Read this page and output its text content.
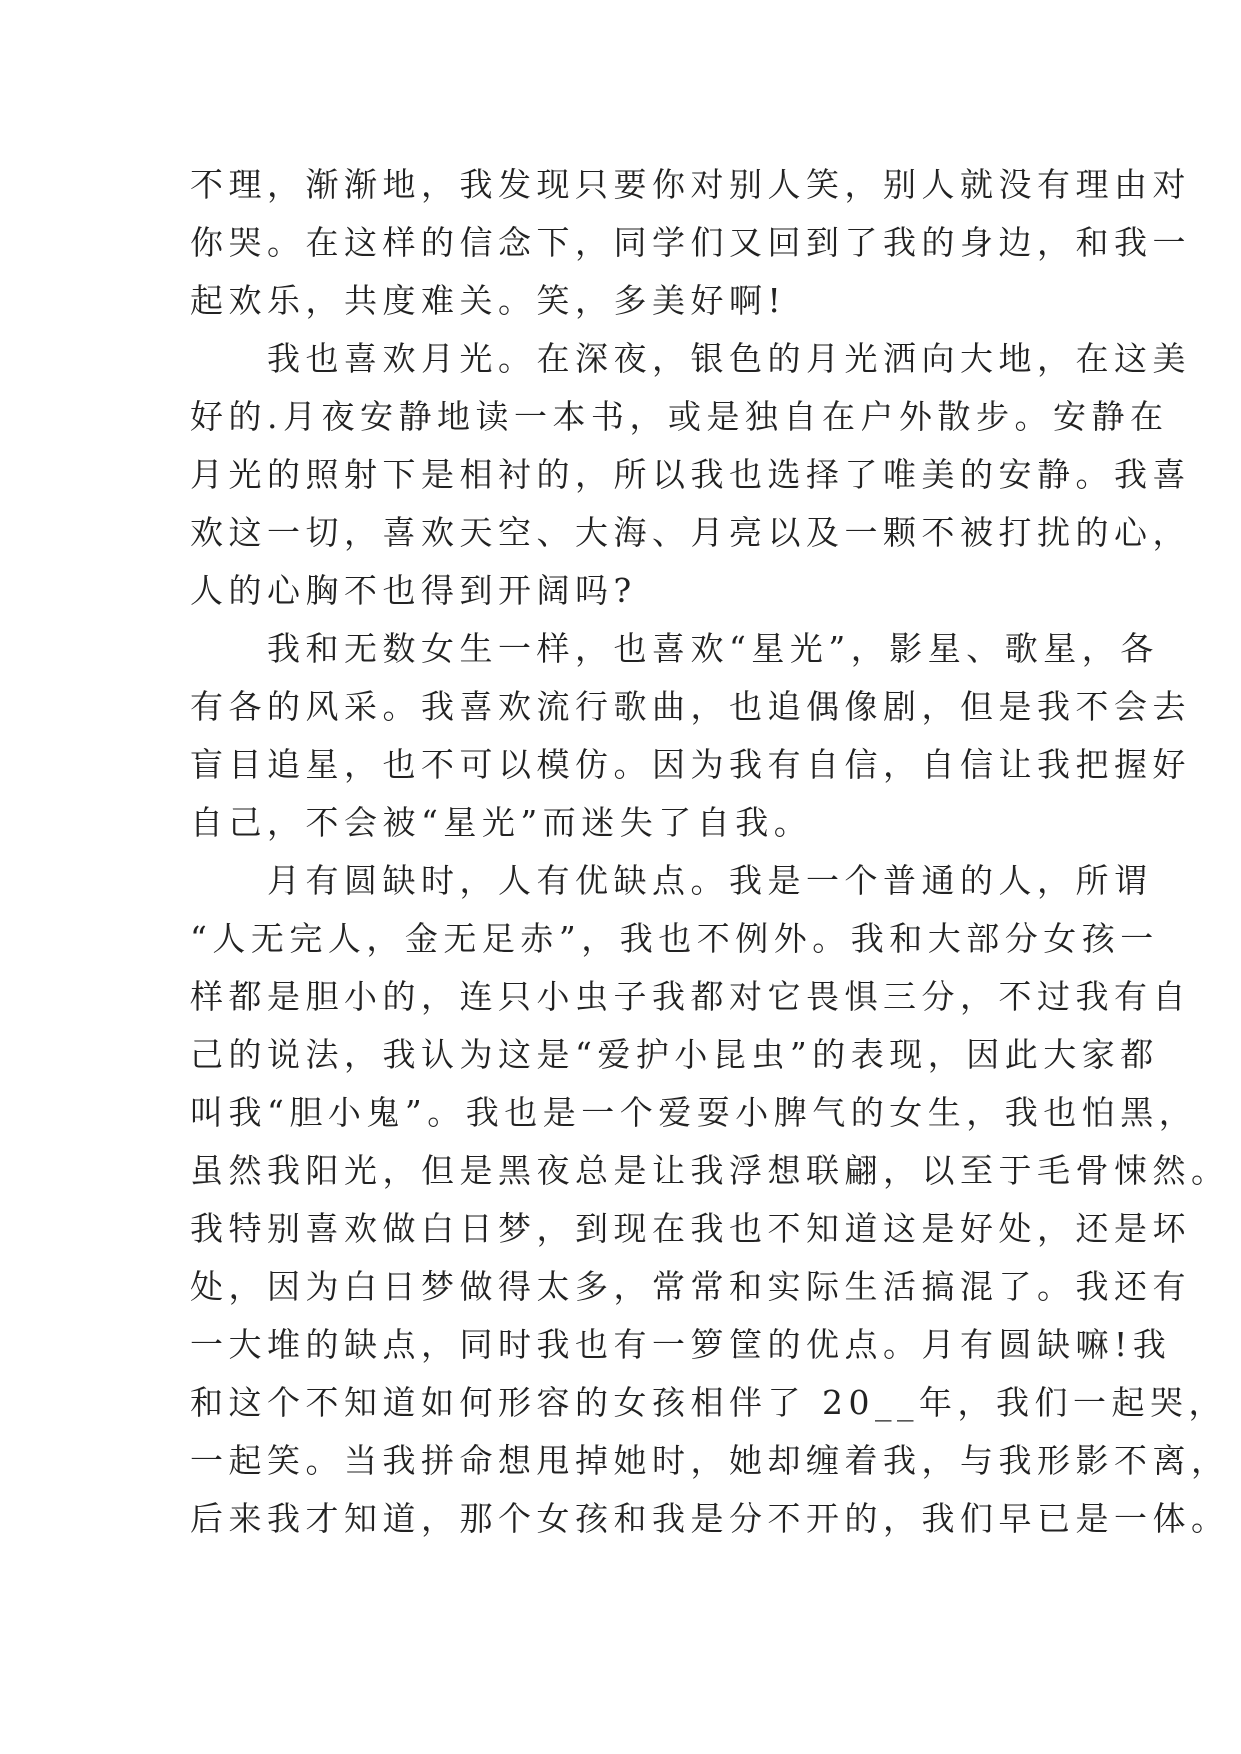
不理，渐渐地，我发现只要你对别人笑，别人就没有理由对
你哭。在这样的信念下，同学们又回到了我的身边，和我一
起欢乐，共度难关。笑，多美好啊!
　　我也喜欢月光。在深夜，银色的月光洒向大地，在这美
好的.月夜安静地读一本书，或是独自在户外散步。安静在
月光的照射下是相衬的，所以我也选择了唯美的安静。我喜
欢这一切，喜欢天空、大海、月亮以及一颗不被打扰的心，
人的心胸不也得到开阔吗?
　　我和无数女生一样，也喜欢“星光”，影星、歌星，各
有各的风采。我喜欢流行歌曲，也追偶像剧，但是我不会去
盲目追星，也不可以模仿。因为我有自信，自信让我把握好
自己，不会被“星光”而迷失了自我。
　　月有圆缺时，人有优缺点。我是一个普通的人，所谓
“人无完人，金无足赤”，我也不例外。我和大部分女孩一
样都是胆小的，连只小虫子我都对它畏惧三分，不过我有自
己的说法，我认为这是“爱护小昆虫”的表现，因此大家都
叫我“胆小鬼”。我也是一个爱耍小脾气的女生，我也怕黑，
虽然我阳光，但是黑夜总是让我浮想联翩，以至于毛骨悚然。
我特别喜欢做白日梦，到现在我也不知道这是好处，还是坏
处，因为白日梦做得太多，常常和实际生活搞混了。我还有
一大堆的缺点，同时我也有一箩筐的优点。月有圆缺嘛!我
和这个不知道如何形容的女孩相伴了 20__年，我们一起哭，
一起笑。当我拼命想甩掉她时，她却缠着我，与我形影不离，
后来我才知道，那个女孩和我是分不开的，我们早已是一体。
